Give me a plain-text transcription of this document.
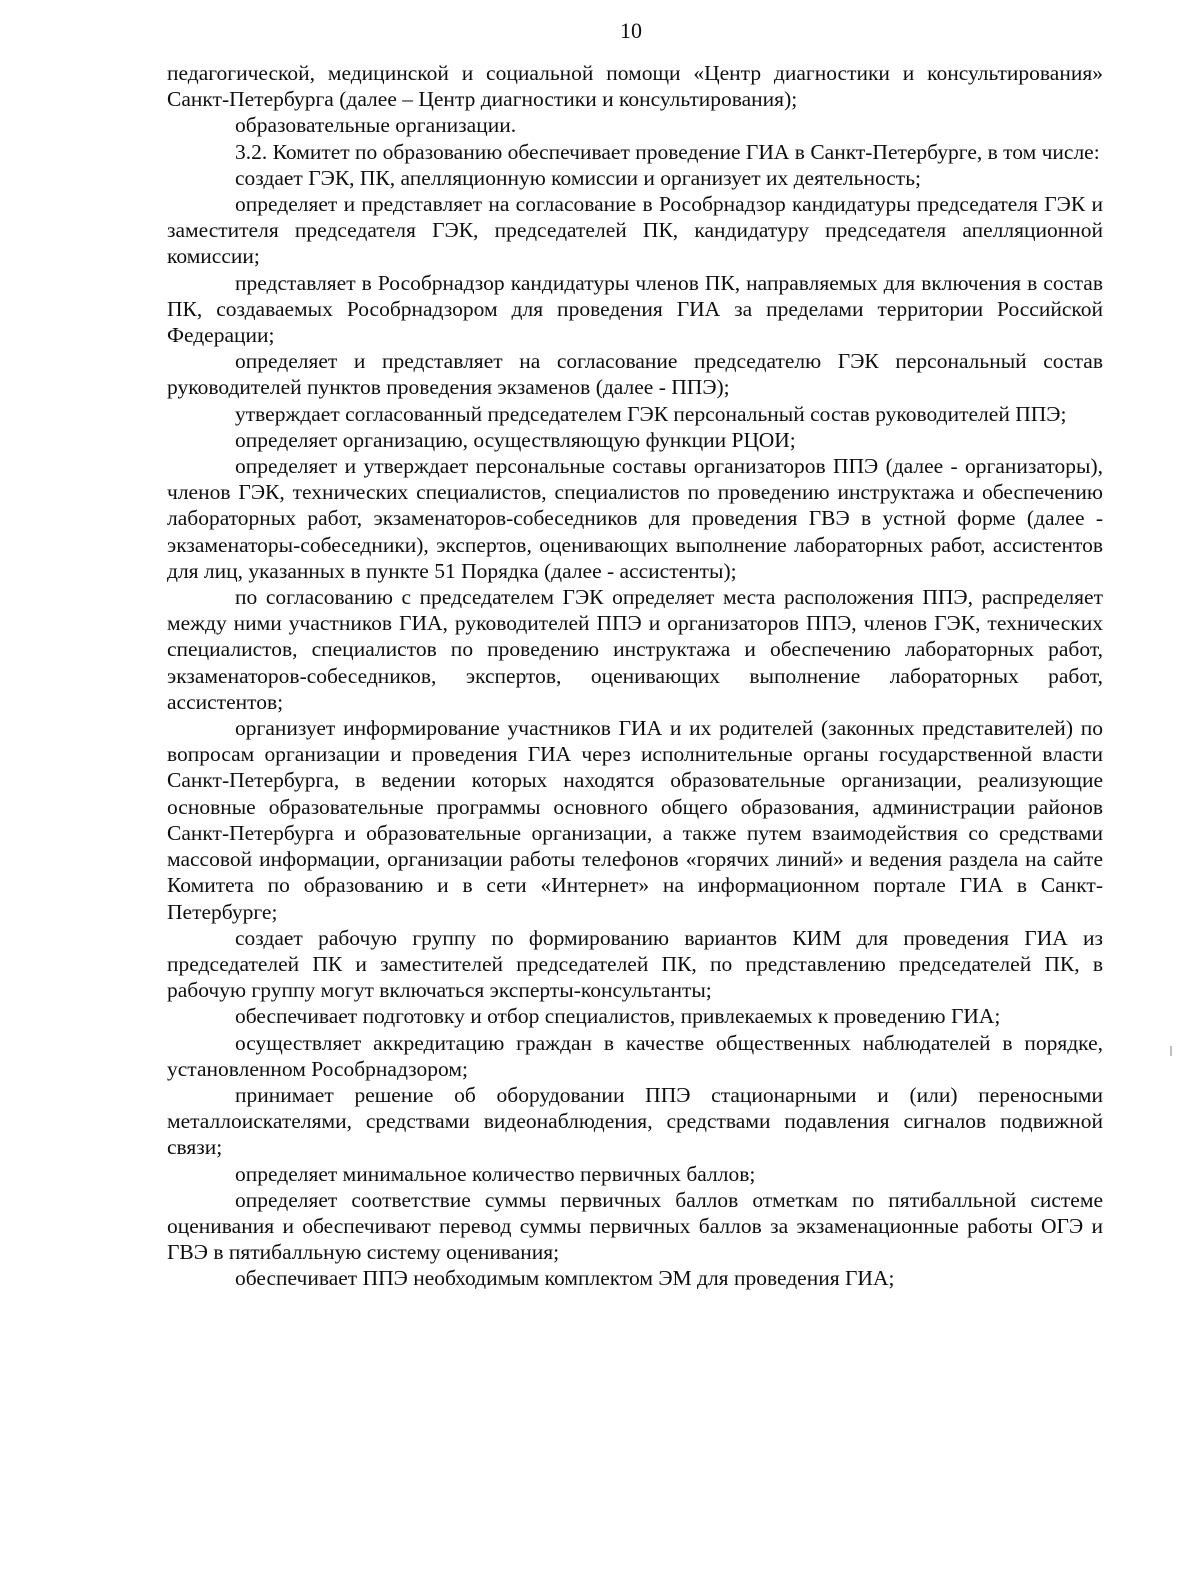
10

педагогической, медицинской и социальной помощи «Центр диагностики и консультирования» Санкт-Петербурга (далее – Центр диагностики и консультирования);

образовательные организации.

3.2. Комитет по образованию обеспечивает проведение ГИА в Санкт-Петербурге, в том числе:

создает ГЭК, ПК, апелляционную комиссии и организует их деятельность;

определяет и представляет на согласование в Рособрнадзор кандидатуры председателя ГЭК и заместителя председателя ГЭК, председателей ПК, кандидатуру председателя апелляционной комиссии;

представляет в Рособрнадзор кандидатуры членов ПК, направляемых для включения в состав ПК, создаваемых Рособрнадзором для проведения ГИА за пределами территории Российской Федерации;

определяет и представляет на согласование председателю ГЭК персональный состав руководителей пунктов проведения экзаменов (далее - ППЭ);

утверждает согласованный председателем ГЭК персональный состав руководителей ППЭ;

определяет организацию, осуществляющую функции РЦОИ;

определяет и утверждает персональные составы организаторов ППЭ (далее - организаторы), членов ГЭК, технических специалистов, специалистов по проведению инструктажа и обеспечению лабораторных работ, экзаменаторов-собеседников для проведения ГВЭ в устной форме (далее - экзаменаторы-собеседники), экспертов, оценивающих выполнение лабораторных работ, ассистентов для лиц, указанных в пункте 51 Порядка (далее - ассистенты);

по согласованию с председателем ГЭК определяет места расположения ППЭ, распределяет между ними участников ГИА, руководителей ППЭ и организаторов ППЭ, членов ГЭК, технических специалистов, специалистов по проведению инструктажа и обеспечению лабораторных работ, экзаменаторов-собеседников, экспертов, оценивающих выполнение лабораторных работ, ассистентов;

организует информирование участников ГИА и их родителей (законных представителей) по вопросам организации и проведения ГИА через исполнительные органы государственной власти Санкт-Петербурга, в ведении которых находятся образовательные организации, реализующие основные образовательные программы основного общего образования, администрации районов Санкт-Петербурга и образовательные организации, а также путем взаимодействия со средствами массовой информации, организации работы телефонов «горячих линий» и ведения раздела на сайте Комитета по образованию и в сети «Интернет» на информационном портале ГИА в Санкт-Петербурге;

создает рабочую группу по формированию вариантов КИМ для проведения ГИА из председателей ПК и заместителей председателей ПК, по представлению председателей ПК, в рабочую группу могут включаться эксперты-консультанты;

обеспечивает подготовку и отбор специалистов, привлекаемых к проведению ГИА;

осуществляет аккредитацию граждан в качестве общественных наблюдателей в порядке, установленном Рособрнадзором;

принимает решение об оборудовании ППЭ стационарными и (или) переносными металлоискателями, средствами видеонаблюдения, средствами подавления сигналов подвижной связи;

определяет минимальное количество первичных баллов;

определяет соответствие суммы первичных баллов отметкам по пятибалльной системе оценивания и обеспечивают перевод суммы первичных баллов за экзаменационные работы ОГЭ и ГВЭ в пятибалльную систему оценивания;

обеспечивает ППЭ необходимым комплектом ЭМ для проведения ГИА;
